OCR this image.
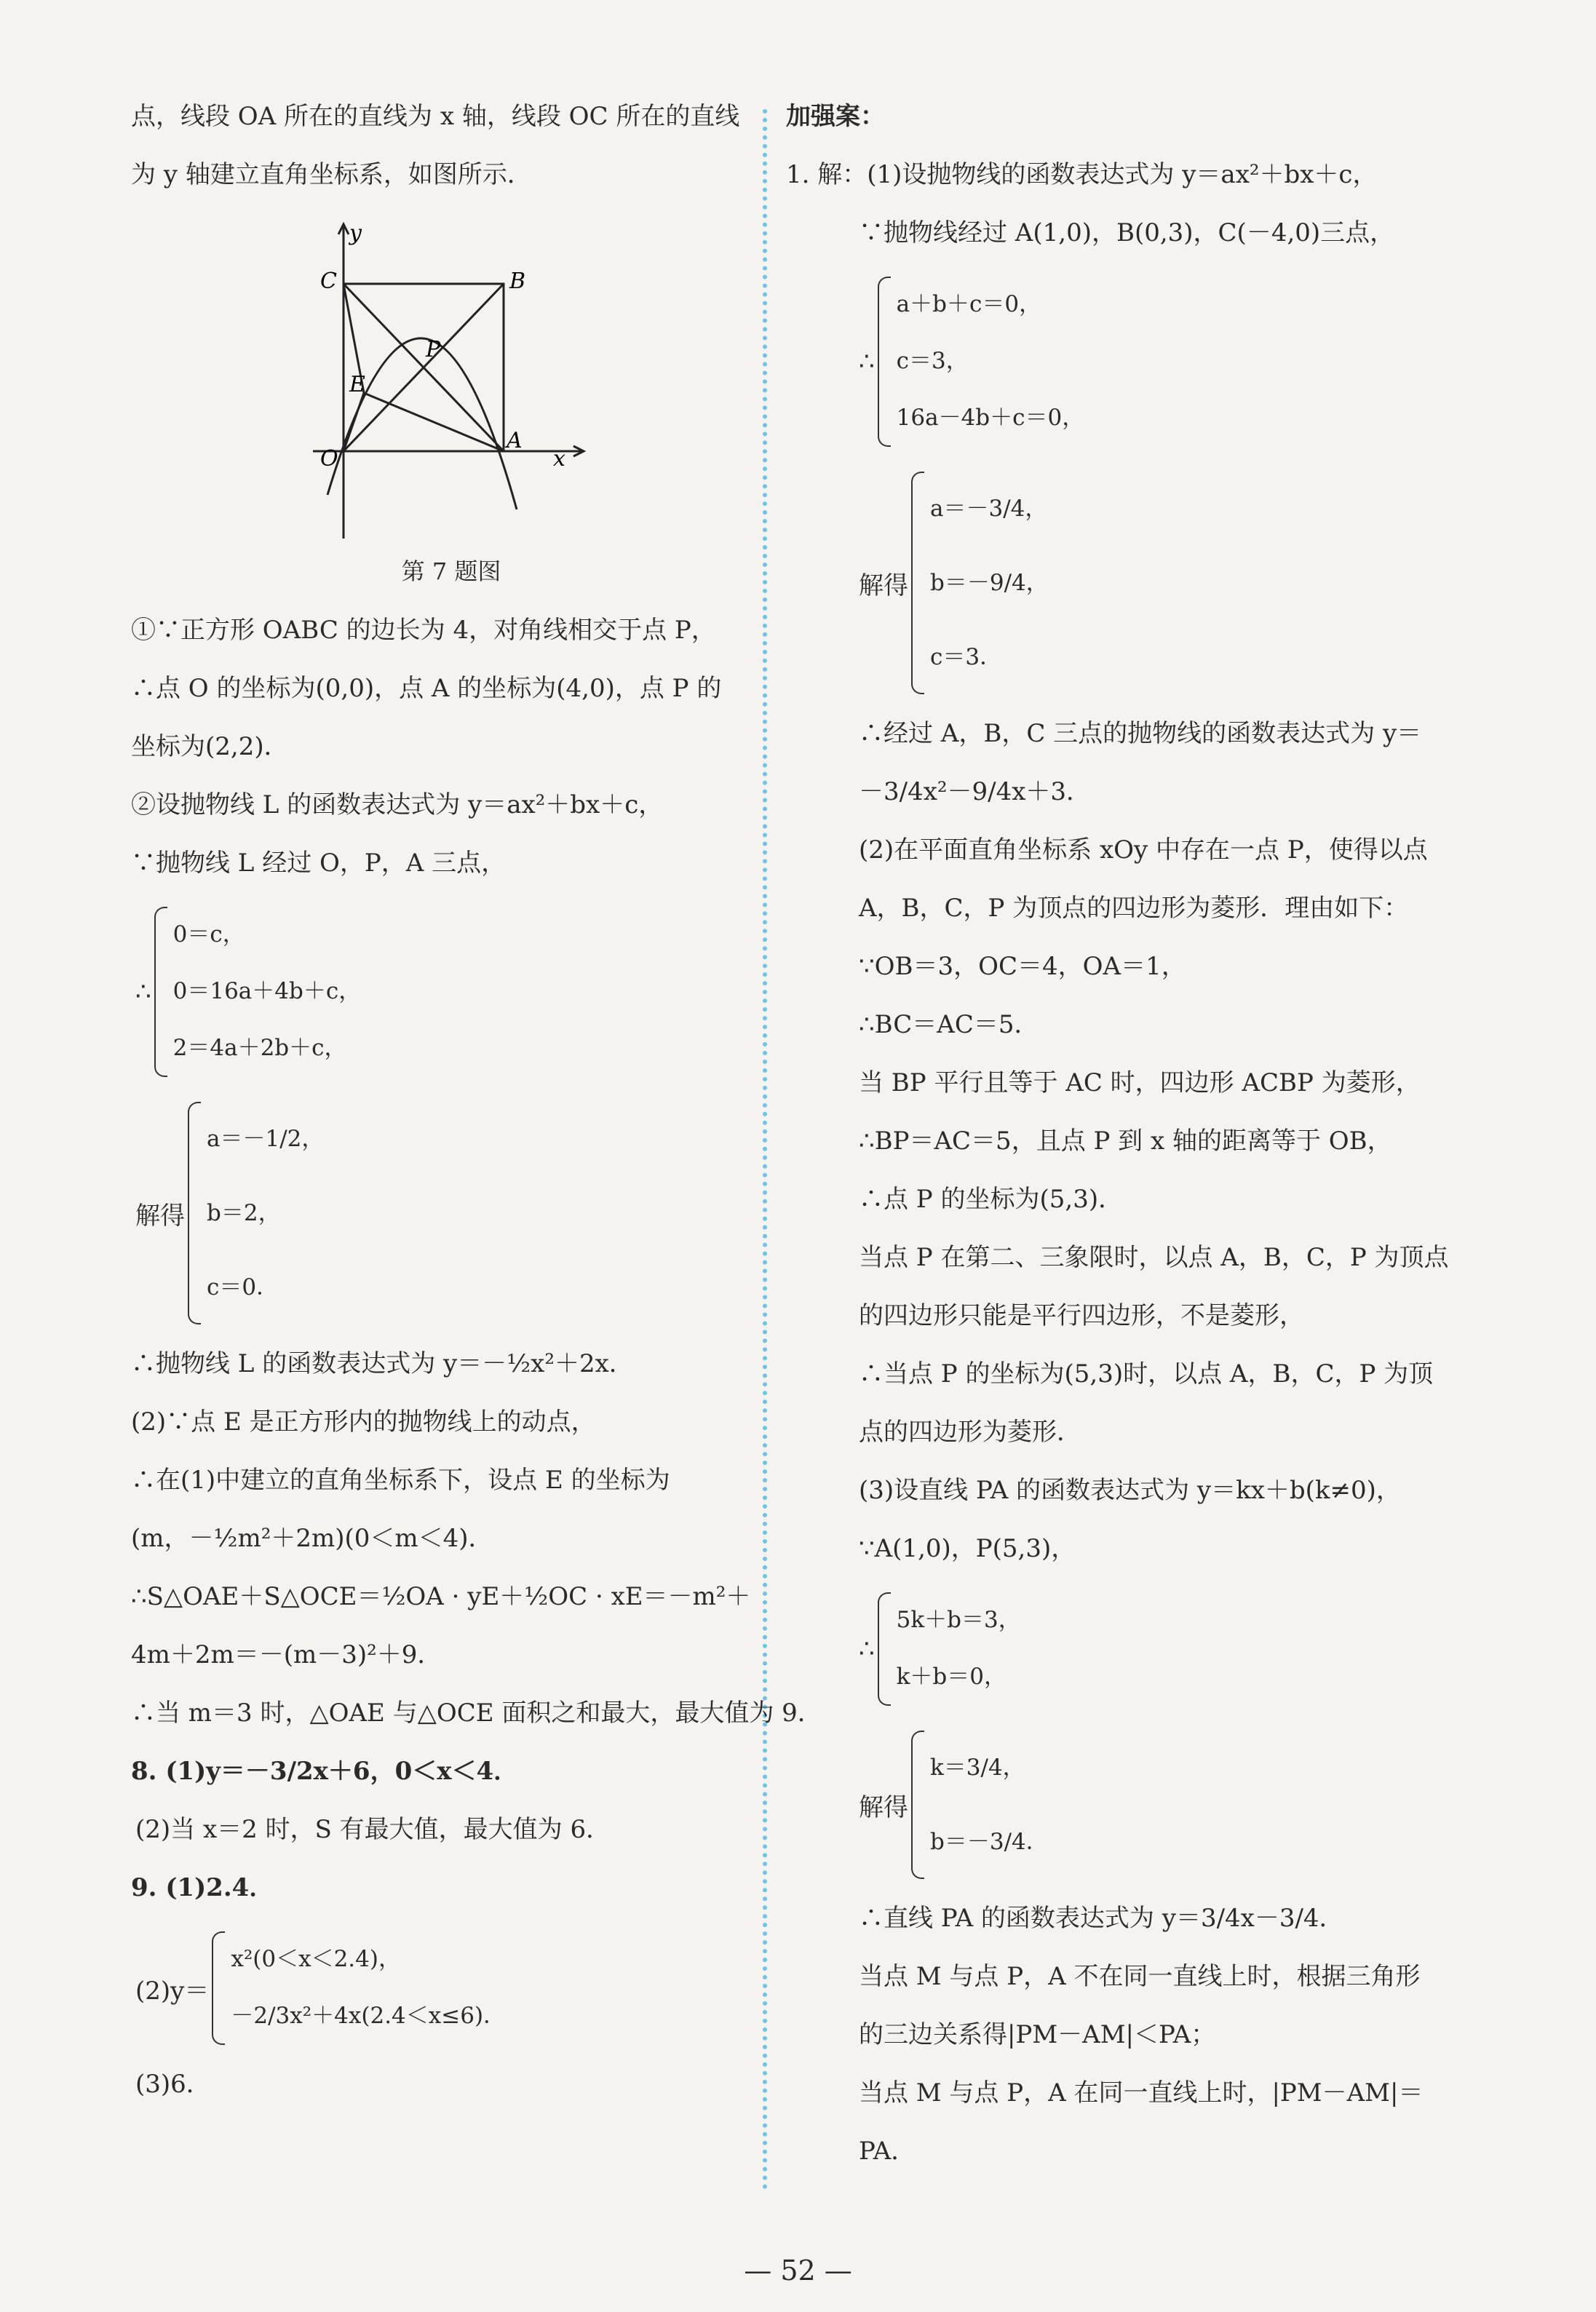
点，线段 OA 所在的直线为 x 轴，线段 OC 所在的直线
为 y 轴建立直角坐标系，如图所示．
y
x
O
A
B
C
P
E
第 7 题图
①∵正方形 OABC 的边长为 4，对角线相交于点 P，
∴点 O 的坐标为(0,0)，点 A 的坐标为(4,0)，点 P 的
坐标为(2,2)．
②设抛物线 L 的函数表达式为 y＝ax²＋bx＋c，
∵抛物线 L 经过 O，P，A 三点，
∴
0＝c，
0＝16a＋4b＋c，
2＝4a＋2b＋c，
解得
a＝－1/2，
b＝2，
c＝0．
∴抛物线 L 的函数表达式为 y＝－½x²＋2x．
(2)∵点 E 是正方形内的抛物线上的动点，
∴在(1)中建立的直角坐标系下，设点 E 的坐标为
(m，－½m²＋2m)(0＜m＜4)．
∴S△OAE＋S△OCE＝½OA · yE＋½OC · xE＝－m²＋
4m＋2m＝－(m－3)²＋9．
∴当 m＝3 时，△OAE 与△OCE 面积之和最大，最大值为 9．
8. (1)y＝－3/2x＋6，0＜x＜4．
(2)当 x＝2 时，S 有最大值，最大值为 6．
9. (1)2.4．
(2)y＝
x²(0＜x＜2.4)，
－2/3x²＋4x(2.4＜x≤6)．
(3)6．
加强案：
1. 解：(1)设抛物线的函数表达式为 y＝ax²＋bx＋c，
∵抛物线经过 A(1,0)，B(0,3)，C(－4,0)三点，
∴
a＋b＋c＝0，
c＝3，
16a－4b＋c＝0，
解得
a＝－3/4，
b＝－9/4，
c＝3．
∴经过 A，B，C 三点的抛物线的函数表达式为 y＝
－3/4x²－9/4x＋3．
(2)在平面直角坐标系 xOy 中存在一点 P，使得以点
A，B，C，P 为顶点的四边形为菱形．理由如下：
∵OB＝3，OC＝4，OA＝1，
∴BC＝AC＝5．
当 BP 平行且等于 AC 时，四边形 ACBP 为菱形，
∴BP＝AC＝5，且点 P 到 x 轴的距离等于 OB，
∴点 P 的坐标为(5,3)．
当点 P 在第二、三象限时，以点 A，B，C，P 为顶点
的四边形只能是平行四边形，不是菱形，
∴当点 P 的坐标为(5,3)时，以点 A，B，C，P 为顶
点的四边形为菱形．
(3)设直线 PA 的函数表达式为 y＝kx＋b(k≠0)，
∵A(1,0)，P(5,3)，
∴
5k＋b＝3，
k＋b＝0，
解得
k＝3/4，
b＝－3/4．
∴直线 PA 的函数表达式为 y＝3/4x－3/4．
当点 M 与点 P，A 不在同一直线上时，根据三角形
的三边关系得|PM－AM|＜PA；
当点 M 与点 P，A 在同一直线上时，|PM－AM|＝
PA．
— 52 —
